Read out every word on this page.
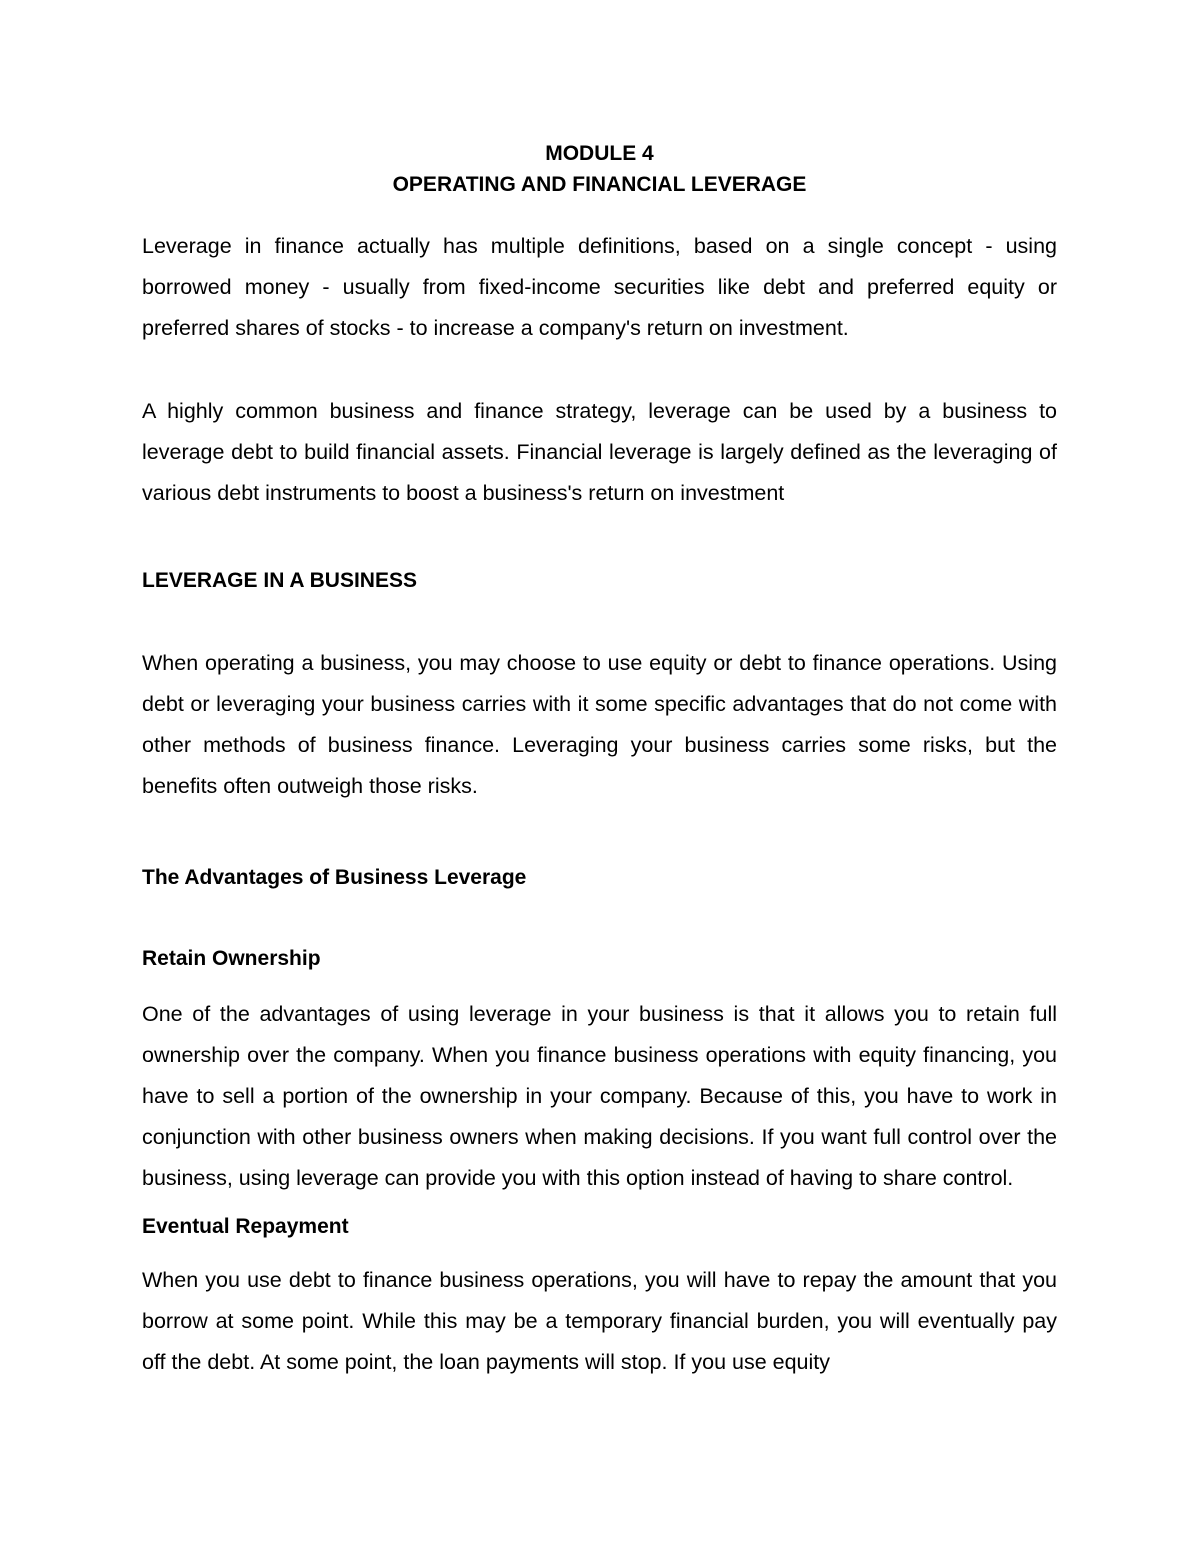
MODULE 4
OPERATING AND FINANCIAL LEVERAGE

Leverage in finance actually has multiple definitions, based on a single concept - using borrowed money - usually from fixed-income securities like debt and preferred equity or preferred shares of stocks - to increase a company's return on investment.

A highly common business and finance strategy, leverage can be used by a business to leverage debt to build financial assets. Financial leverage is largely defined as the leveraging of various debt instruments to boost a business's return on investment

LEVERAGE IN A BUSINESS

When operating a business, you may choose to use equity or debt to finance operations. Using debt or leveraging your business carries with it some specific advantages that do not come with other methods of business finance. Leveraging your business carries some risks, but the benefits often outweigh those risks.

The Advantages of Business Leverage
Retain Ownership

One of the advantages of using leverage in your business is that it allows you to retain full ownership over the company. When you finance business operations with equity financing, you have to sell a portion of the ownership in your company. Because of this, you have to work in conjunction with other business owners when making decisions. If you want full control over the business, using leverage can provide you with this option instead of having to share control.

Eventual Repayment

When you use debt to finance business operations, you will have to repay the amount that you borrow at some point. While this may be a temporary financial burden, you will eventually pay off the debt. At some point, the loan payments will stop. If you use equity
